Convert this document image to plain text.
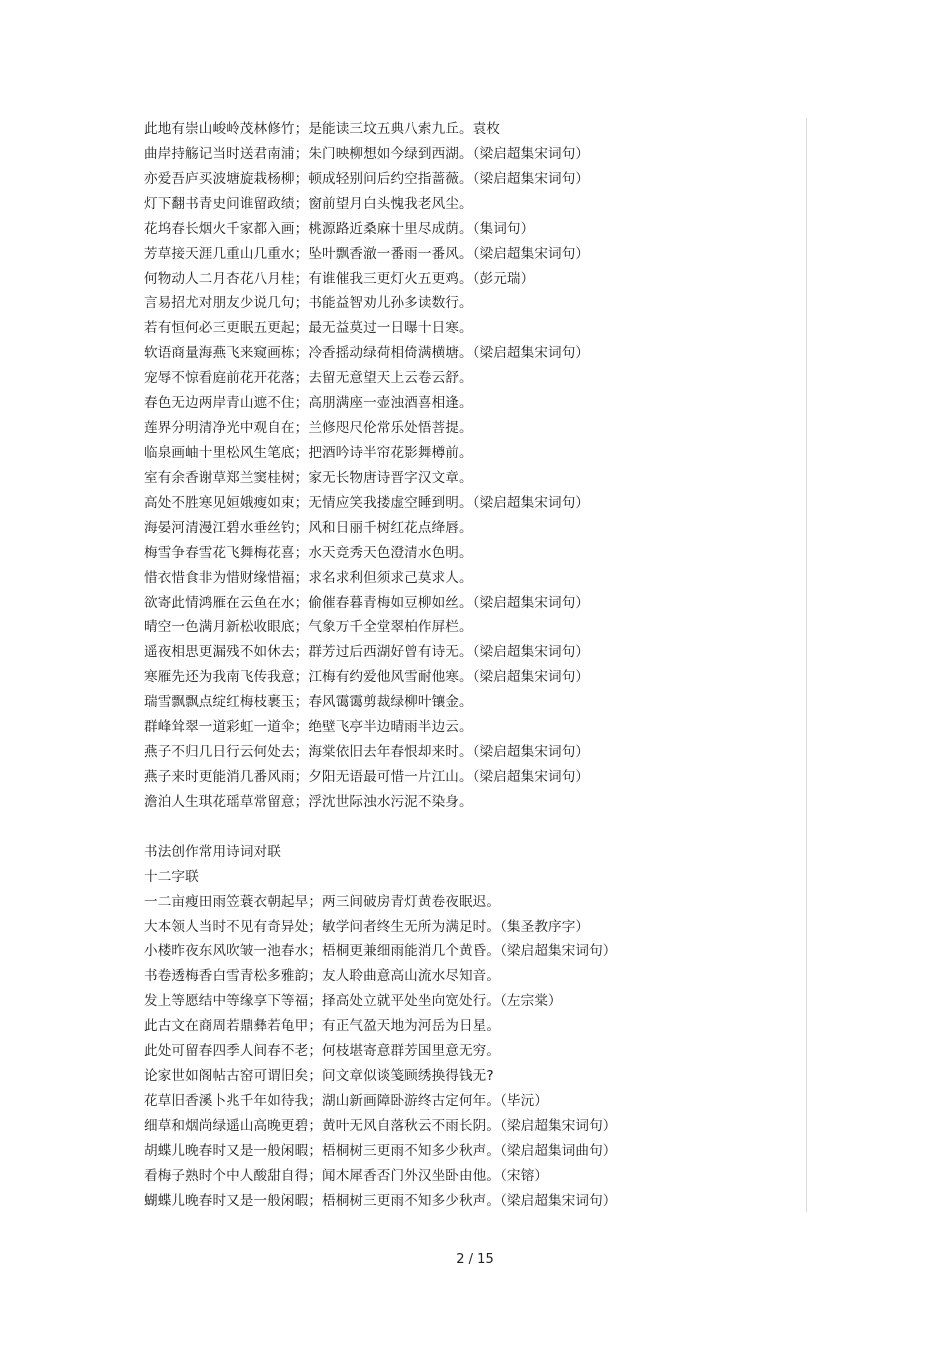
此地有崇山峻岭茂林修竹；是能读三坟五典八索九丘。袁枚
曲岸持觞记当时送君南浦；朱门映柳想如今绿到西湖。（梁启超集宋词句）
亦爱吾庐买波塘旋栽杨柳；顿成轻别问后约空指蔷薇。（梁启超集宋词句）
灯下翻书青史问谁留政绩；窗前望月白头愧我老风尘。
花坞春长烟火千家都入画；桃源路近桑麻十里尽成荫。（集词句）
芳草接天涯几重山几重水；坠叶飘香澈一番雨一番风。（梁启超集宋词句）
何物动人二月杏花八月桂；有谁催我三更灯火五更鸡。（彭元瑞）
言易招尤对朋友少说几句；书能益智劝儿孙多读数行。
若有恒何必三更眠五更起；最无益莫过一日曝十日寒。
软语商量海燕飞来窥画栋；冷香摇动绿荷相倚满横塘。（梁启超集宋词句）
宠辱不惊看庭前花开花落；去留无意望天上云卷云舒。
春色无边两岸青山遮不住；高朋满座一壶浊酒喜相逢。
莲界分明清净光中观自在；兰修咫尺伦常乐处悟菩提。
临泉画岫十里松风生笔底；把酒吟诗半帘花影舞樽前。
室有余香谢草郑兰窦桂树；家无长物唐诗晋字汉文章。
高处不胜寒见姮娥瘦如束；无情应笑我搂虚空睡到明。（梁启超集宋词句）
海晏河清漫江碧水垂丝钓；风和日丽千树红花点绛唇。
梅雪争春雪花飞舞梅花喜；水天竞秀天色澄清水色明。
惜衣惜食非为惜财缘惜福；求名求利但须求己莫求人。
欲寄此情鸿雁在云鱼在水；偷催春暮青梅如豆柳如丝。（梁启超集宋词句）
晴空一色满月新松收眼底；气象万千全堂翠柏作屏栏。
遥夜相思更漏残不如休去；群芳过后西湖好曾有诗无。（梁启超集宋词句）
寒雁先还为我南飞传我意；江梅有约爱他风雪耐他寒。（梁启超集宋词句）
瑞雪飘飘点绽红梅枝裹玉；春风霭霭剪裁绿柳叶镶金。
群峰耸翠一道彩虹一道伞；绝壁飞亭半边晴雨半边云。
燕子不归几日行云何处去；海棠依旧去年春恨却来时。（梁启超集宋词句）
燕子来时更能消几番风雨；夕阳无语最可惜一片江山。（梁启超集宋词句）
澹泊人生琪花瑶草常留意；浮沈世际浊水污泥不染身。
书法创作常用诗词对联
十二字联
一二亩瘦田雨笠蓑衣朝起早；两三间破房青灯黄卷夜眠迟。
大本领人当时不见有奇异处；敏学问者终生无所为满足时。（集圣教序字）
小楼昨夜东风吹皱一池春水；梧桐更兼细雨能消几个黄昏。（梁启超集宋词句）
书卷透梅香白雪青松多雅韵；友人聆曲意高山流水尽知音。
发上等愿结中等缘享下等福；择高处立就平处坐向宽处行。（左宗棠）
此古文在商周若鼎彝若龟甲；有正气盈天地为河岳为日星。
此处可留春四季人间春不老；何枝堪寄意群芳国里意无穷。
论家世如阁帖古窑可谓旧矣；问文章似谈笺顾绣换得钱无?
花草旧香溪卜兆千年如待我；湖山新画障卧游终古定何年。（毕沅）
细草和烟尚绿遥山高晚更碧；黄叶无风自落秋云不雨长阴。（梁启超集宋词句）
胡蝶儿晚春时又是一般闲暇；梧桐树三更雨不知多少秋声。（梁启超集词曲句）
看梅子熟时个中人酸甜自得；闻木犀香否门外汉坐卧由他。（宋镕）
蝴蝶儿晚春时又是一般闲暇；梧桐树三更雨不知多少秋声。（梁启超集宋词句）
2 / 15
